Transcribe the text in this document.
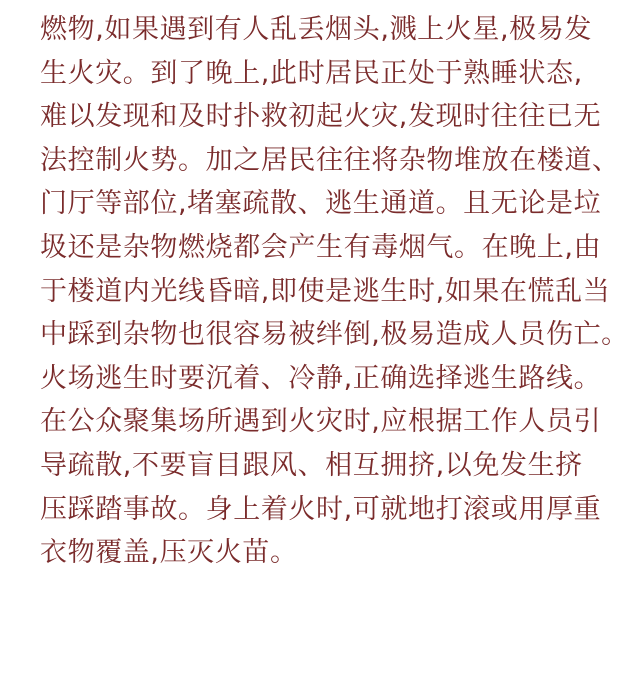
燃物,如果遇到有人乱丢烟头,溅上火星,极易发
生火灾。到了晚上,此时居民正处于熟睡状态,
难以发现和及时扑救初起火灾,发现时往往已无
法控制火势。加之居民往往将杂物堆放在楼道、
门厅等部位,堵塞疏散、逃生通道。且无论是垃
圾还是杂物燃烧都会产生有毒烟气。在晚上,由
于楼道内光线昏暗,即使是逃生时,如果在慌乱当
中踩到杂物也很容易被绊倒,极易造成人员伤亡。
火场逃生时要沉着、冷静,正确选择逃生路线。
在公众聚集场所遇到火灾时,应根据工作人员引
导疏散,不要盲目跟风、相互拥挤,以免发生挤
压踩踏事故。身上着火时,可就地打滚或用厚重
衣物覆盖,压灭火苗。
